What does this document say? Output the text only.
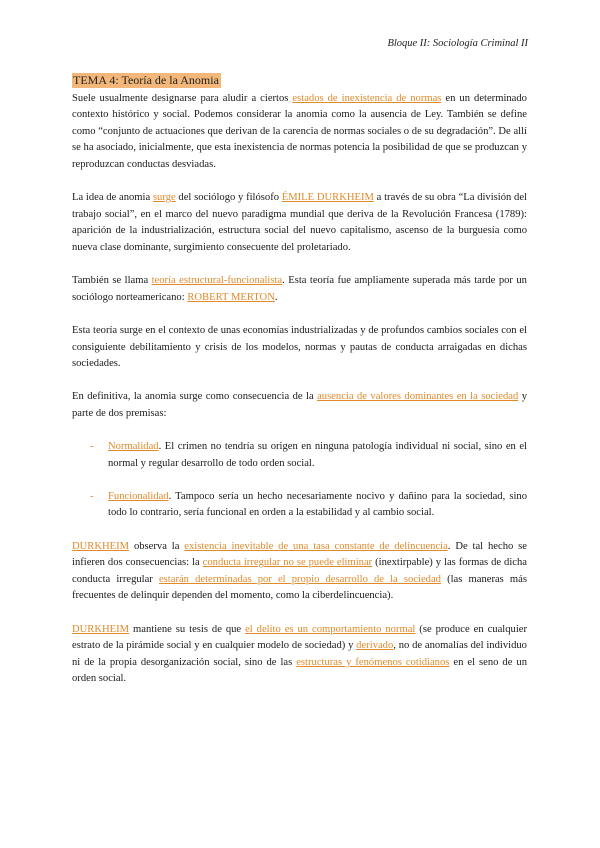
Bloque II: Sociología Criminal II
TEMA 4: Teoría de la Anomia

Suele usualmente designarse para aludir a ciertos estados de inexistencia de normas en un determinado contexto histórico y social. Podemos considerar la anomia como la ausencia de Ley. También se define como “conjunto de actuaciones que derivan de la carencia de normas sociales o de su degradación”. De allí se ha asociado, inicialmente, que esta inexistencia de normas potencia la posibilidad de que se produzcan y reproduzcan conductas desviadas.

La idea de anomia surge del sociólogo y filósofo ÉMILE DURKHEIM a través de su obra “La división del trabajo social”, en el marco del nuevo paradigma mundial que deriva de la Revolución Francesa (1789): aparición de la industrialización, estructura social del nuevo capitalismo, ascenso de la burguesía como nueva clase dominante, surgimiento consecuente del proletariado.

También se llama teoría estructural-funcionalista. Esta teoría fue ampliamente superada más tarde por un sociólogo norteamericano: ROBERT MERTON.

Esta teoría surge en el contexto de unas economías industrializadas y de profundos cambios sociales con el consiguiente debilitamiento y crisis de los modelos, normas y pautas de conducta arraigadas en dichas sociedades.

En definitiva, la anomia surge como consecuencia de la ausencia de valores dominantes en la sociedad y parte de dos premisas:

- Normalidad. El crimen no tendría su origen en ninguna patología individual ni social, sino en el normal y regular desarrollo de todo orden social.
- Funcionalidad. Tampoco sería un hecho necesariamente nocivo y dañino para la sociedad, sino todo lo contrario, sería funcional en orden a la estabilidad y al cambio social.

DURKHEIM observa la existencia inevitable de una tasa constante de delincuencia. De tal hecho se infieren dos consecuencias: la conducta irregular no se puede eliminar (inextirpable) y las formas de dicha conducta irregular estarán determinadas por el propio desarrollo de la sociedad (las maneras más frecuentes de delinquir dependen del momento, como la ciberdelincuencia).

DURKHEIM mantiene su tesis de que el delito es un comportamiento normal (se produce en cualquier estrato de la pirámide social y en cualquier modelo de sociedad) y derivado, no de anomalías del individuo ni de la propia desorganización social, sino de las estructuras y fenómenos cotidianos en el seno de un orden social.
